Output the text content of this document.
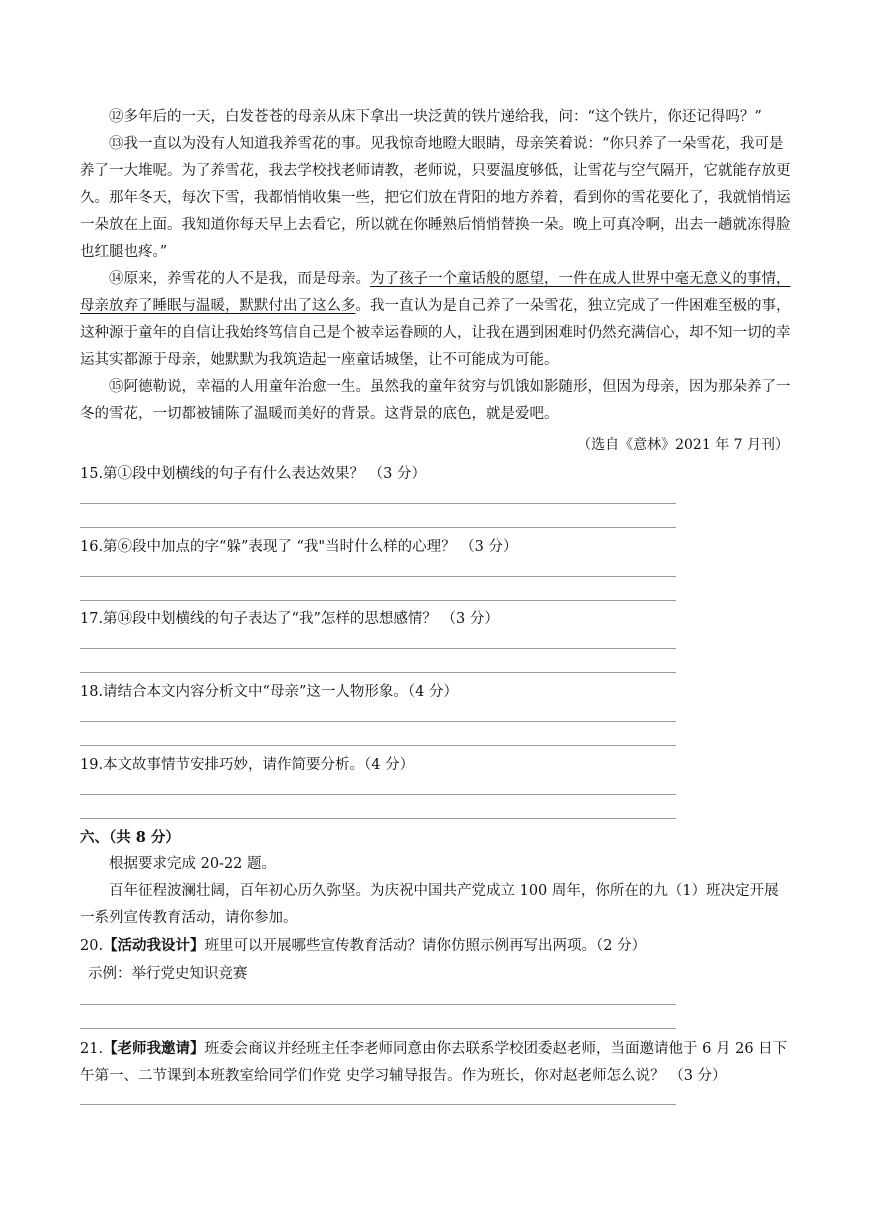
⑫多年后的一天，白发苍苍的母亲从床下拿出一块泛黄的铁片递给我，问：“这个铁片，你还记得吗？”

⑬我一直以为没有人知道我养雪花的事。见我惊奇地瞪大眼睛，母亲笑着说：“你只养了一朵雪花，我可是养了一大堆呢。为了养雪花，我去学校找老师请教，老师说，只要温度够低，让雪花与空气隔开，它就能存放更久。那年冬天，每次下雪，我都悄悄收集一些，把它们放在背阳的地方养着，看到你的雪花要化了，我就悄悄运一朵放在上面。我知道你每天早上去看它，所以就在你睡熟后悄悄替换一朵。晚上可真冷啊，出去一趟就冻得脸也红腿也疼。”

⑭原来，养雪花的人不是我，而是母亲。为了孩子一个童话般的愿望，一件在成人世界中毫无意义的事情，母亲放弃了睡眠与温暖，默默付出了这么多。我一直认为是自己养了一朵雪花，独立完成了一件困难至极的事，这种源于童年的自信让我始终笃信自己是个被幸运眷顾的人，让我在遇到困难时仍然充满信心，却不知一切的幸运其实都源于母亲，她默默为我筑造起一座童话城堡，让不可能成为可能。

⑮阿德勒说，幸福的人用童年治愈一生。虽然我的童年贫穷与饥饿如影随形，但因为母亲，因为那朵养了一冬的雪花，一切都被铺陈了温暖而美好的背景。这背景的底色，就是爱吧。

（选自《意林》2021 年 7 月刊）
15.第①段中划横线的句子有什么表达效果？ （3 分）
16.第⑥段中加点的字“躲”表现了 “我"当时什么样的心理？ （3 分）
17.第⑭段中划横线的句子表达了“我”怎样的思想感情？ （3 分）
18.请结合本文内容分析文中“母亲”这一人物形象。（4 分）
19.本文故事情节安排巧妙，请作简要分析。（4 分）
六、（共 8 分）

根据要求完成 20-22 题。

百年征程波澜壮阔，百年初心历久弥坚。为庆祝中国共产党成立 100 周年，你所在的九（1）班决定开展一系列宣传教育活动，请你参加。

20.【活动我设计】班里可以开展哪些宣传教育活动？请你仿照示例再写出两项。（2 分）
示例：举行党史知识竞赛

21.【老师我邀请】班委会商议并经班主任李老师同意由你去联系学校团委赵老师，当面邀请他于 6 月 26 日下午第一、二节课到本班教室给同学们作党 史学习辅导报告。作为班长，你对赵老师怎么说？ （3 分）
